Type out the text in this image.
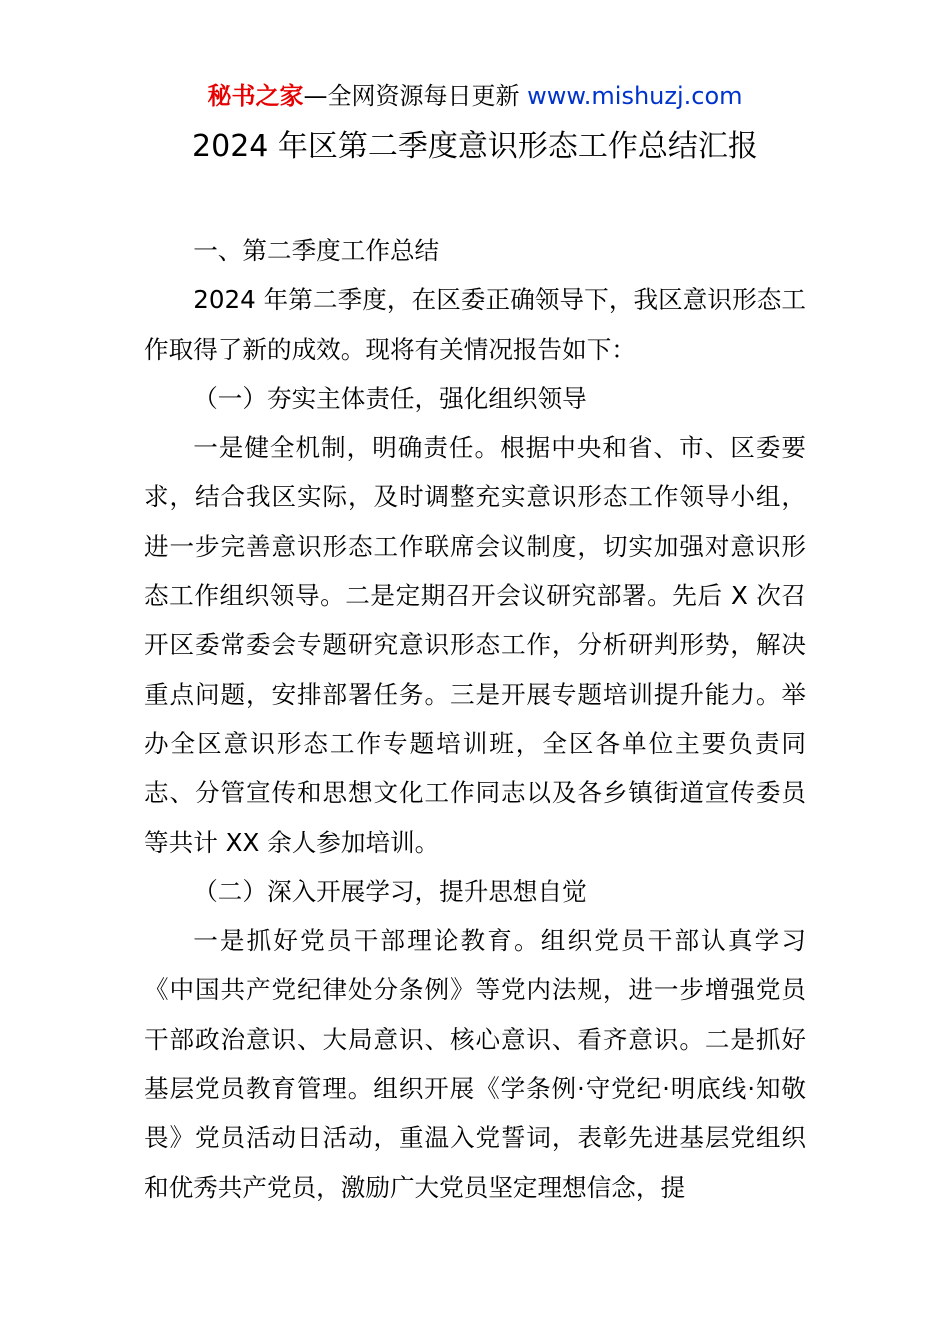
秘书之家—全网资源每日更新 www.mishuzj.com
2024 年区第二季度意识形态工作总结汇报

一、第二季度工作总结

2024 年第二季度，在区委正确领导下，我区意识形态工作取得了新的成效。现将有关情况报告如下：

（一）夯实主体责任，强化组织领导

一是健全机制，明确责任。根据中央和省、市、区委要求，结合我区实际，及时调整充实意识形态工作领导小组，进一步完善意识形态工作联席会议制度，切实加强对意识形态工作组织领导。二是定期召开会议研究部署。先后 X 次召开区委常委会专题研究意识形态工作，分析研判形势，解决重点问题，安排部署任务。三是开展专题培训提升能力。举办全区意识形态工作专题培训班，全区各单位主要负责同志、分管宣传和思想文化工作同志以及各乡镇街道宣传委员等共计 XX 余人参加培训。

（二）深入开展学习，提升思想自觉

一是抓好党员干部理论教育。组织党员干部认真学习《中国共产党纪律处分条例》等党内法规，进一步增强党员干部政治意识、大局意识、核心意识、看齐意识。二是抓好基层党员教育管理。组织开展《学条例·守党纪·明底线·知敬畏》党员活动日活动，重温入党誓词，表彰先进基层党组织和优秀共产党员，激励广大党员坚定理想信念，提
